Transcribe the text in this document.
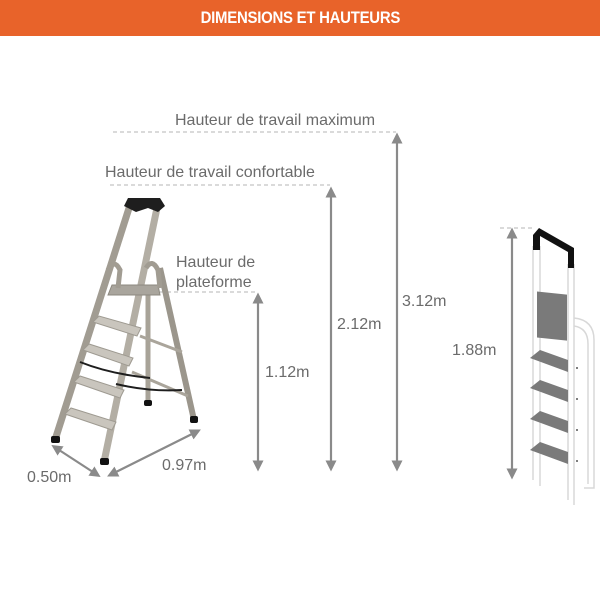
DIMENSIONS ET HAUTEURS
Hauteur de travail maximum
Hauteur de travail confortable
Hauteur de
plateforme
1.12m
2.12m
3.12m
1.88m
0.50m
0.97m
